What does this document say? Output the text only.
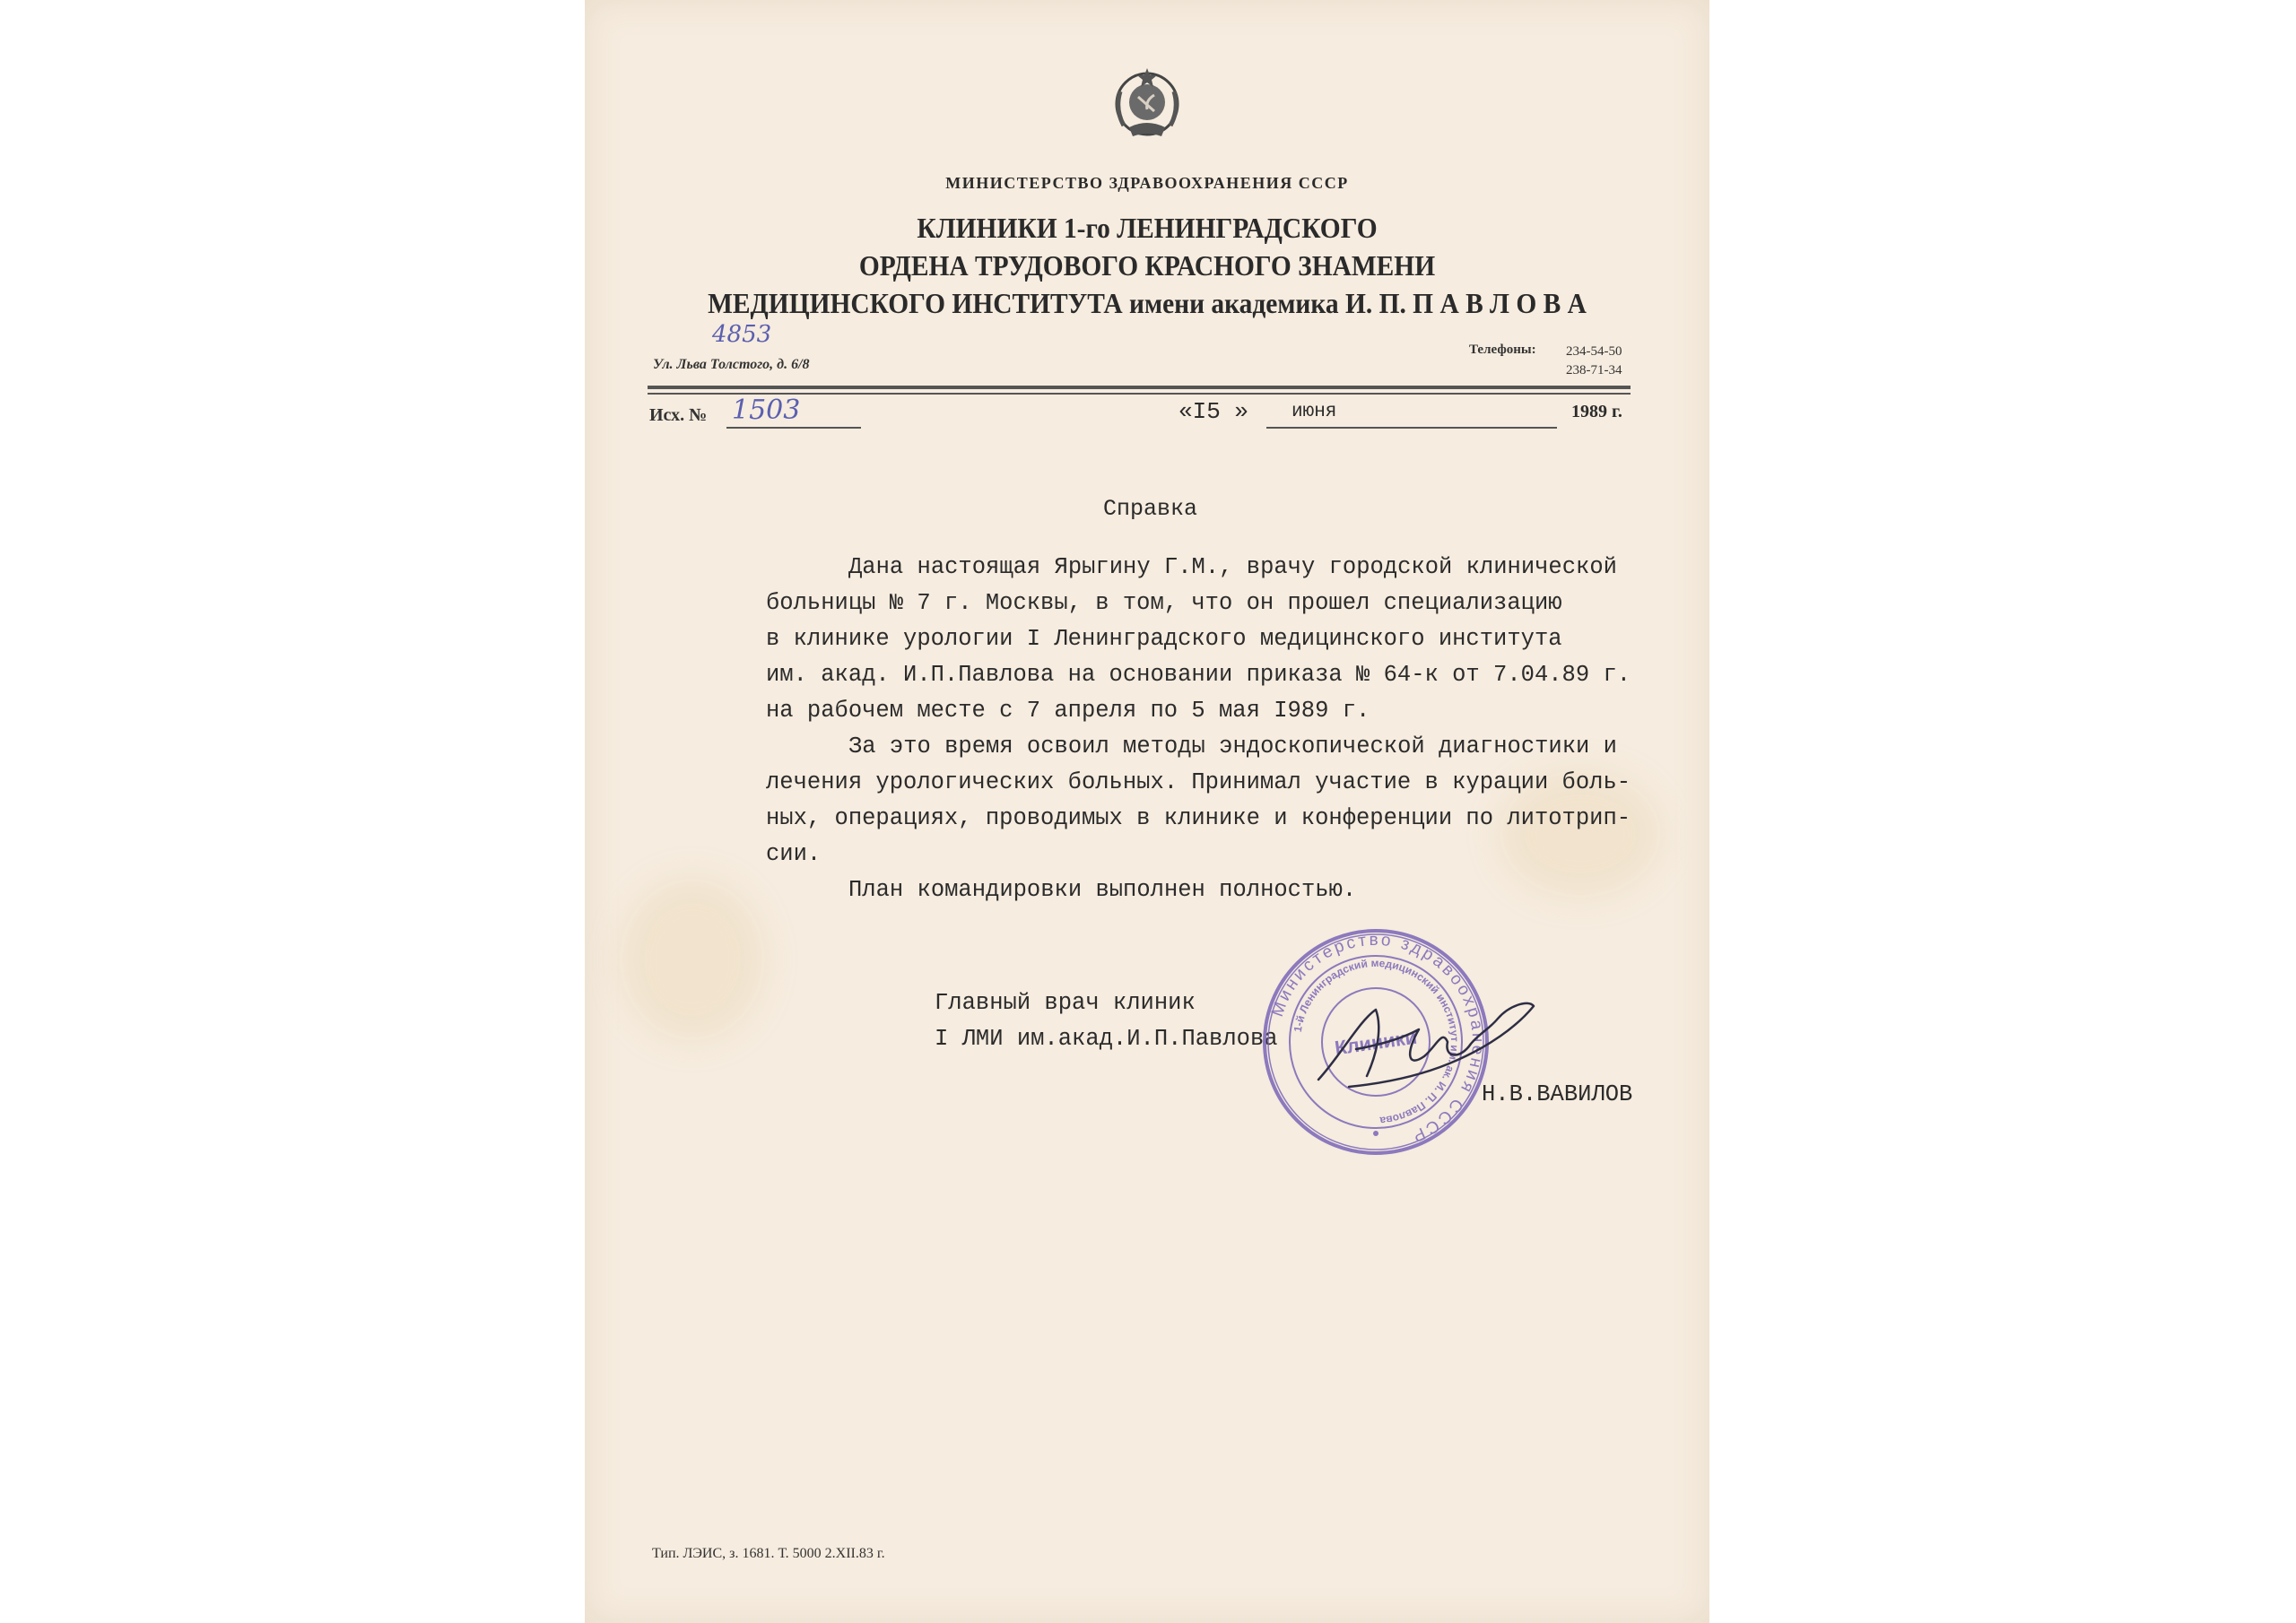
МИНИСТЕРСТВО ЗДРАВООХРАНЕНИЯ СССР
КЛИНИКИ 1-го ЛЕНИНГРАДСКОГО
ОРДЕНА ТРУДОВОГО КРАСНОГО ЗНАМЕНИ
МЕДИЦИНСКОГО ИНСТИТУТА имени академика И. П. П А В Л О В А
4853
Ул. Льва Толстого, д. 6/8
Телефоны: 234-54-50
238-71-34
Исх. № 1503	«I5 » июня	1989 г.
Справка
Дана настоящая Ярыгину Г.М., врачу городской клинической
больницы № 7 г. Москвы, в том, что он прошел специализацию
в клинике урологии I Ленинградского медицинского института
им. акад. И.П.Павлова на основании приказа № 64-к от 7.04.89 г.
на рабочем месте с 7 апреля по 5 мая I989 г.
За это время освоил методы эндоскопической диагностики и
лечения урологических больных. Принимал участие в курации боль-
ных, операциях, проводимых в клинике и конференции по литотрип-
сии.
План командировки выполнен полностью.
Главный врач клиник
I ЛМИ им.акад.И.П.Павлова
Н.В.ВАВИЛОВ
Министерство здравоохранения СССР
1-й Ленинградский медицинский институт им. ак. И. П. Павлова
Клиники
Тип. ЛЭИС, з. 1681. Т. 5000 2.XII.83 г.
